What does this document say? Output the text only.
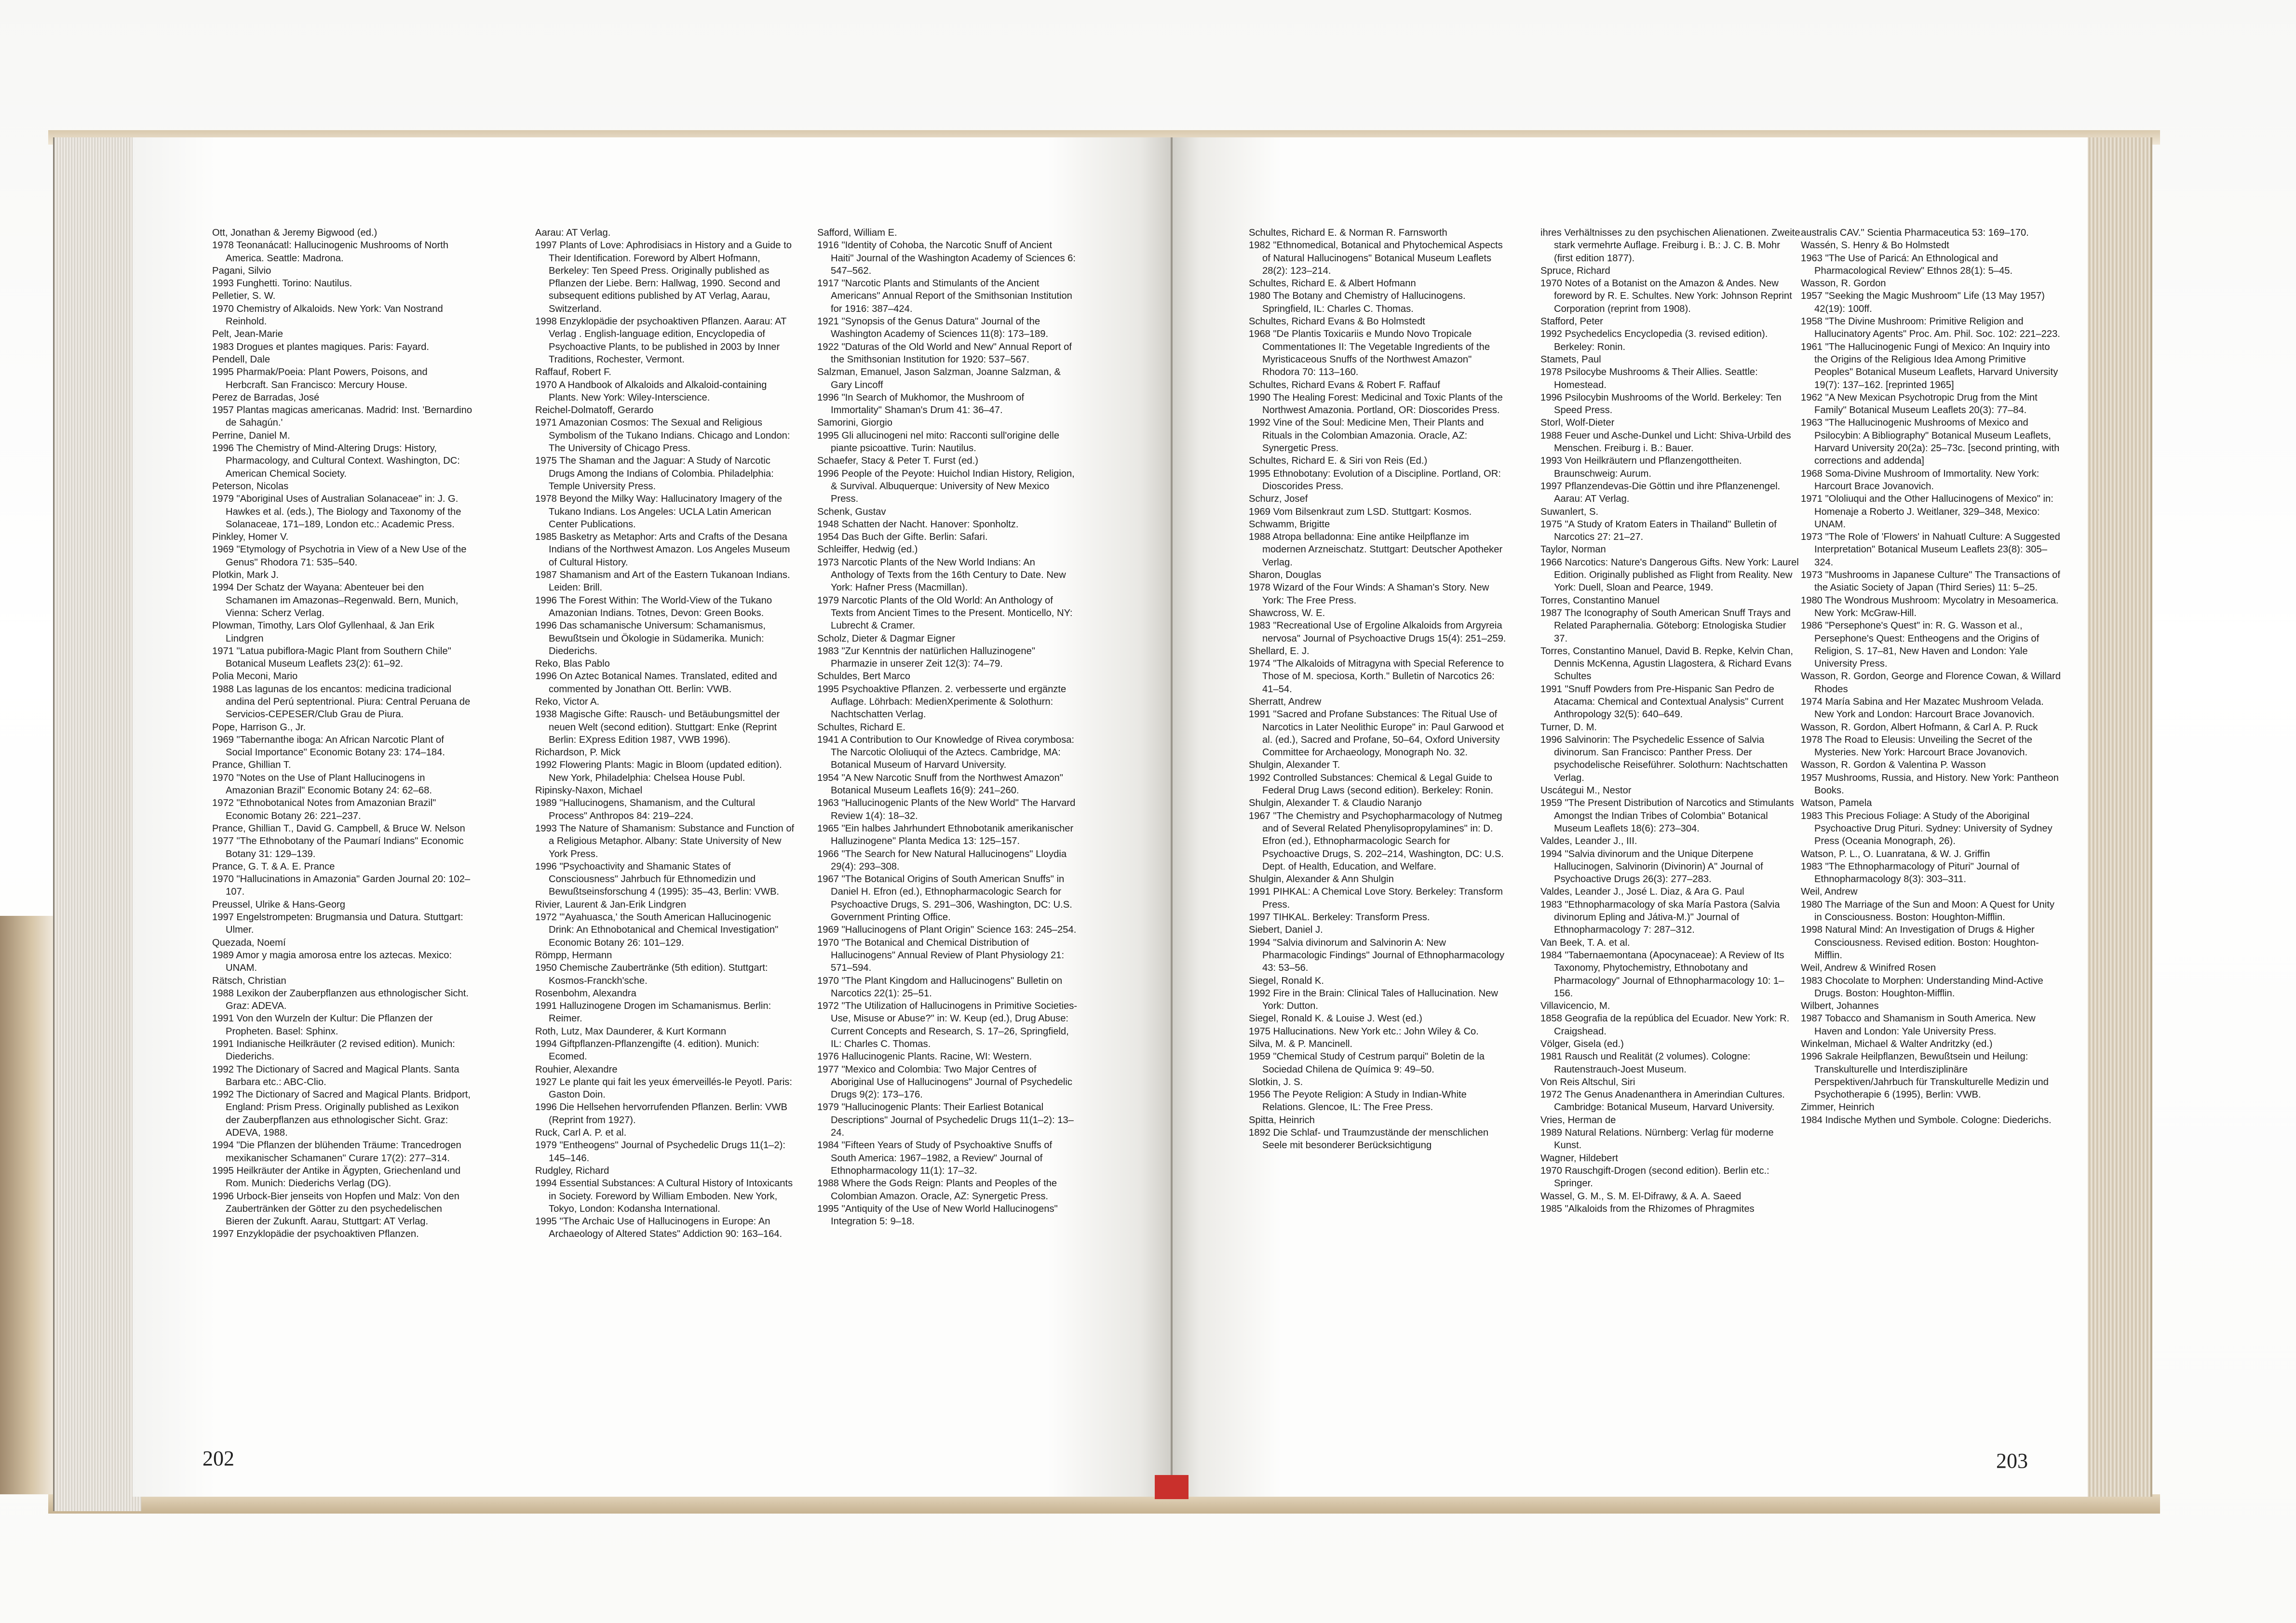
Ott, Jonathan & Jeremy Bigwood (ed.)

1978 Teonanácatl: Hallucinogenic Mushrooms of North America. Seattle: Madrona.

Pagani, Silvio

1993 Funghetti. Torino: Nautilus.

Pelletier, S. W.

1970 Chemistry of Alkaloids. New York: Van Nostrand Reinhold.

Pelt, Jean-Marie

1983 Drogues et plantes magiques. Paris: Fayard.

Pendell, Dale

1995 Pharmak/Poeia: Plant Powers, Poisons, and Herbcraft. San Francisco: Mercury House.

Perez de Barradas, José

1957 Plantas magicas americanas. Madrid: Inst. 'Bernardino de Sahagún.'

Perrine, Daniel M.

1996 The Chemistry of Mind-Altering Drugs: History, Pharmacology, and Cultural Context. Washington, DC: American Chemical Society.

Peterson, Nicolas

1979 "Aboriginal Uses of Australian Solanaceae" in: J. G. Hawkes et al. (eds.), The Biology and Taxonomy of the Solanaceae, 171–189, London etc.: Academic Press.

Pinkley, Homer V.

1969 "Etymology of Psychotria in View of a New Use of the Genus" Rhodora 71: 535–540.

Plotkin, Mark J.

1994 Der Schatz der Wayana: Abenteuer bei den Schamanen im Amazonas–Regenwald. Bern, Munich, Vienna: Scherz Verlag.

Plowman, Timothy, Lars Olof Gyllenhaal, & Jan Erik Lindgren

1971 "Latua pubiflora-Magic Plant from Southern Chile" Botanical Museum Leaflets 23(2): 61–92.

Polia Meconi, Mario

1988 Las lagunas de los encantos: medicina tradicional andina del Perú septentrional. Piura: Central Peruana de Servicios-CEPESER/Club Grau de Piura.

Pope, Harrison G., Jr.

1969 "Tabernanthe iboga: An African Narcotic Plant of Social Importance" Economic Botany 23: 174–184.

Prance, Ghillian T.

1970 "Notes on the Use of Plant Hallucinogens in Amazonian Brazil" Economic Botany 24: 62–68.

1972 "Ethnobotanical Notes from Amazonian Brazil" Economic Botany 26: 221–237.

Prance, Ghillian T., David G. Campbell, & Bruce W. Nelson

1977 "The Ethnobotany of the Paumarí Indians" Economic Botany 31: 129–139.

Prance, G. T. & A. E. Prance

1970 "Hallucinations in Amazonia" Garden Journal 20: 102–107.

Preussel, Ulrike & Hans-Georg

1997 Engelstrompeten: Brugmansia und Datura. Stuttgart: Ulmer.

Quezada, Noemí

1989 Amor y magia amorosa entre los aztecas. Mexico: UNAM.

Rätsch, Christian

1988 Lexikon der Zauberpflanzen aus ethnologischer Sicht. Graz: ADEVA.

1991 Von den Wurzeln der Kultur: Die Pflanzen der Propheten. Basel: Sphinx.

1991 Indianische Heilkräuter (2 revised edition). Munich: Diederichs.

1992 The Dictionary of Sacred and Magical Plants. Santa Barbara etc.: ABC-Clio.

1992 The Dictionary of Sacred and Magical Plants. Bridport, England: Prism Press. Originally published as Lexikon der Zauberpflanzen aus ethnologischer Sicht. Graz: ADEVA, 1988.

1994 "Die Pflanzen der blühenden Träume: Trancedrogen mexikanischer Schamanen" Curare 17(2): 277–314.

1995 Heilkräuter der Antike in Ägypten, Griechenland und Rom. Munich: Diederichs Verlag (DG).

1996 Urbock-Bier jenseits von Hopfen und Malz: Von den Zaubertränken der Götter zu den psychedelischen Bieren der Zukunft. Aarau, Stuttgart: AT Verlag.

1997 Enzyklopädie der psychoaktiven Pflanzen.

Aarau: AT Verlag.

1997 Plants of Love: Aphrodisiacs in History and a Guide to Their Identification. Foreword by Albert Hofmann, Berkeley: Ten Speed Press. Originally published as Pflanzen der Liebe. Bern: Hallwag, 1990. Second and subsequent editions published by AT Verlag, Aarau, Switzerland.

1998 Enzyklopädie der psychoaktiven Pflanzen. Aarau: AT Verlag . English-language edition, Encyclopedia of Psychoactive Plants, to be published in 2003 by Inner Traditions, Rochester, Vermont.

Raffauf, Robert F.

1970 A Handbook of Alkaloids and Alkaloid-containing Plants. New York: Wiley-Interscience.

Reichel-Dolmatoff, Gerardo

1971 Amazonian Cosmos: The Sexual and Religious Symbolism of the Tukano Indians. Chicago and London: The University of Chicago Press.

1975 The Shaman and the Jaguar: A Study of Narcotic Drugs Among the Indians of Colombia. Philadelphia: Temple University Press.

1978 Beyond the Milky Way: Hallucinatory Imagery of the Tukano Indians. Los Angeles: UCLA Latin American Center Publications.

1985 Basketry as Metaphor: Arts and Crafts of the Desana Indians of the Northwest Amazon. Los Angeles Museum of Cultural History.

1987 Shamanism and Art of the Eastern Tukanoan Indians. Leiden: Brill.

1996 The Forest Within: The World-View of the Tukano Amazonian Indians. Totnes, Devon: Green Books.

1996 Das schamanische Universum: Schamanismus, Bewußtsein und Ökologie in Südamerika. Munich: Diederichs.

Reko, Blas Pablo

1996 On Aztec Botanical Names. Translated, edited and commented by Jonathan Ott. Berlin: VWB.

Reko, Victor A.

1938 Magische Gifte: Rausch- und Betäubungsmittel der neuen Welt (second edition). Stuttgart: Enke (Reprint Berlin: EXpress Edition 1987, VWB 1996).

Richardson, P. Mick

1992 Flowering Plants: Magic in Bloom (updated edition). New York, Philadelphia: Chelsea House Publ.

Ripinsky-Naxon, Michael

1989 "Hallucinogens, Shamanism, and the Cultural Process" Anthropos 84: 219–224.

1993 The Nature of Shamanism: Substance and Function of a Religious Metaphor. Albany: State University of New York Press.

1996 "Psychoactivity and Shamanic States of Consciousness" Jahrbuch für Ethnomedizin und Bewußtseinsforschung 4 (1995): 35–43, Berlin: VWB.

Rivier, Laurent & Jan-Erik Lindgren

1972 "'Ayahuasca,' the South American Hallucinogenic Drink: An Ethnobotanical and Chemical Investigation" Economic Botany 26: 101–129.

Römpp, Hermann

1950 Chemische Zaubertränke (5th edition). Stuttgart: Kosmos-Franckh'sche.

Rosenbohm, Alexandra

1991 Halluzinogene Drogen im Schamanismus. Berlin: Reimer.

Roth, Lutz, Max Daunderer, & Kurt Kormann

1994 Giftpflanzen-Pflanzengifte (4. edition). Munich: Ecomed.

Rouhier, Alexandre

1927 Le plante qui fait les yeux émerveillés-le Peyotl. Paris: Gaston Doin.

1996 Die Hellsehen hervorrufenden Pflanzen. Berlin: VWB (Reprint from 1927).

Ruck, Carl A. P. et al.

1979 "Entheogens" Journal of Psychedelic Drugs 11(1–2): 145–146.

Rudgley, Richard

1994 Essential Substances: A Cultural History of Intoxicants in Society. Foreword by William Emboden. New York, Tokyo, London: Kodansha International.

1995 "The Archaic Use of Hallucinogens in Europe: An Archaeology of Altered States" Addiction 90: 163–164.

Safford, William E.

1916 "Identity of Cohoba, the Narcotic Snuff of Ancient Haiti" Journal of the Washington Academy of Sciences 6: 547–562.

1917 "Narcotic Plants and Stimulants of the Ancient Americans" Annual Report of the Smithsonian Institution for 1916: 387–424.

1921 "Synopsis of the Genus Datura" Journal of the Washington Academy of Sciences 11(8): 173–189.

1922 "Daturas of the Old World and New" Annual Report of the Smithsonian Institution for 1920: 537–567.

Salzman, Emanuel, Jason Salzman, Joanne Salzman, & Gary Lincoff

1996 "In Search of Mukhomor, the Mushroom of Immortality" Shaman's Drum 41: 36–47.

Samorini, Giorgio

1995 Gli allucinogeni nel mito: Racconti sull'origine delle piante psicoattive. Turin: Nautilus.

Schaefer, Stacy & Peter T. Furst (ed.)

1996 People of the Peyote: Huichol Indian History, Religion, & Survival. Albuquerque: University of New Mexico Press.

Schenk, Gustav

1948 Schatten der Nacht. Hanover: Sponholtz.

1954 Das Buch der Gifte. Berlin: Safari.

Schleiffer, Hedwig (ed.)

1973 Narcotic Plants of the New World Indians: An Anthology of Texts from the 16th Century to Date. New York: Hafner Press (Macmillan).

1979 Narcotic Plants of the Old World: An Anthology of Texts from Ancient Times to the Present. Monticello, NY: Lubrecht & Cramer.

Scholz, Dieter & Dagmar Eigner

1983 "Zur Kenntnis der natürlichen Halluzinogene" Pharmazie in unserer Zeit 12(3): 74–79.

Schuldes, Bert Marco

1995 Psychoaktive Pflanzen. 2. verbesserte und ergänzte Auflage. Löhrbach: MedienXperimente & Solothurn: Nachtschatten Verlag.

Schultes, Richard E.

1941 A Contribution to Our Knowledge of Rivea corymbosa: The Narcotic Ololiuqui of the Aztecs. Cambridge, MA: Botanical Museum of Harvard University.

1954 "A New Narcotic Snuff from the Northwest Amazon" Botanical Museum Leaflets 16(9): 241–260.

1963 "Hallucinogenic Plants of the New World" The Harvard Review 1(4): 18–32.

1965 "Ein halbes Jahrhundert Ethnobotanik amerikanischer Halluzinogene" Planta Medica 13: 125–157.

1966 "The Search for New Natural Hallucinogens" Lloydia 29(4): 293–308.

1967 "The Botanical Origins of South American Snuffs" in Daniel H. Efron (ed.), Ethnopharmacologic Search for Psychoactive Drugs, S. 291–306, Washington, DC: U.S. Government Printing Office.

1969 "Hallucinogens of Plant Origin" Science 163: 245–254.

1970 "The Botanical and Chemical Distribution of Hallucinogens" Annual Review of Plant Physiology 21: 571–594.

1970 "The Plant Kingdom and Hallucinogens" Bulletin on Narcotics 22(1): 25–51.

1972 "The Utilization of Hallucinogens in Primitive Societies-Use, Misuse or Abuse?" in: W. Keup (ed.), Drug Abuse: Current Concepts and Research, S. 17–26, Springfield, IL: Charles C. Thomas.

1976 Hallucinogenic Plants. Racine, WI: Western.

1977 "Mexico and Colombia: Two Major Centres of Aboriginal Use of Hallucinogens" Journal of Psychedelic Drugs 9(2): 173–176.

1979 "Hallucinogenic Plants: Their Earliest Botanical Descriptions" Journal of Psychedelic Drugs 11(1–2): 13–24.

1984 "Fifteen Years of Study of Psychoaktive Snuffs of South America: 1967–1982, a Review" Journal of Ethnopharmacology 11(1): 17–32.

1988 Where the Gods Reign: Plants and Peoples of the Colombian Amazon. Oracle, AZ: Synergetic Press.

1995 "Antiquity of the Use of New World Hallucinogens" Integration 5: 9–18.

Schultes, Richard E. & Norman R. Farnsworth

1982 "Ethnomedical, Botanical and Phytochemical Aspects of Natural Hallucinogens" Botanical Museum Leaflets 28(2): 123–214.

Schultes, Richard E. & Albert Hofmann

1980 The Botany and Chemistry of Hallucinogens. Springfield, IL: Charles C. Thomas.

Schultes, Richard Evans & Bo Holmstedt

1968 "De Plantis Toxicariis e Mundo Novo Tropicale Commentationes II: The Vegetable Ingredients of the Myristicaceous Snuffs of the Northwest Amazon" Rhodora 70: 113–160.

Schultes, Richard Evans & Robert F. Raffauf

1990 The Healing Forest: Medicinal and Toxic Plants of the Northwest Amazonia. Portland, OR: Dioscorides Press.

1992 Vine of the Soul: Medicine Men, Their Plants and Rituals in the Colombian Amazonia. Oracle, AZ: Synergetic Press.

Schultes, Richard E. & Siri von Reis (Ed.)

1995 Ethnobotany: Evolution of a Discipline. Portland, OR: Dioscorides Press.

Schurz, Josef

1969 Vom Bilsenkraut zum LSD. Stuttgart: Kosmos.

Schwamm, Brigitte

1988 Atropa belladonna: Eine antike Heilpflanze im modernen Arzneischatz. Stuttgart: Deutscher Apotheker Verlag.

Sharon, Douglas

1978 Wizard of the Four Winds: A Shaman's Story. New York: The Free Press.

Shawcross, W. E.

1983 "Recreational Use of Ergoline Alkaloids from Argyreia nervosa" Journal of Psychoactive Drugs 15(4): 251–259.

Shellard, E. J.

1974 "The Alkaloids of Mitragyna with Special Reference to Those of M. speciosa, Korth." Bulletin of Narcotics 26: 41–54.

Sherratt, Andrew

1991 "Sacred and Profane Substances: The Ritual Use of Narcotics in Later Neolithic Europe" in: Paul Garwood et al. (ed.), Sacred and Profane, 50–64, Oxford University Committee for Archaeology, Monograph No. 32.

Shulgin, Alexander T.

1992 Controlled Substances: Chemical & Legal Guide to Federal Drug Laws (second edition). Berkeley: Ronin.

Shulgin, Alexander T. & Claudio Naranjo

1967 "The Chemistry and Psychopharmacology of Nutmeg and of Several Related Phenylisopropylamines" in: D. Efron (ed.), Ethnopharmacologic Search for Psychoactive Drugs, S. 202–214, Washington, DC: U.S. Dept. of Health, Education, and Welfare.

Shulgin, Alexander & Ann Shulgin

1991 PIHKAL: A Chemical Love Story. Berkeley: Transform Press.

1997 TIHKAL. Berkeley: Transform Press.

Siebert, Daniel J.

1994 "Salvia divinorum and Salvinorin A: New Pharmacologic Findings" Journal of Ethnopharmacology 43: 53–56.

Siegel, Ronald K.

1992 Fire in the Brain: Clinical Tales of Hallucination. New York: Dutton.

Siegel, Ronald K. & Louise J. West (ed.)

1975 Hallucinations. New York etc.: John Wiley & Co.

Silva, M. & P. Mancinell.

1959 "Chemical Study of Cestrum parqui" Boletin de la Sociedad Chilena de Química 9: 49–50.

Slotkin, J. S.

1956 The Peyote Religion: A Study in Indian-White Relations. Glencoe, IL: The Free Press.

Spitta, Heinrich

1892 Die Schlaf- und Traumzustände der menschlichen Seele mit besonderer Berücksichtigung

ihres Verhältnisses zu den psychischen Alienationen. Zweite stark vermehrte Auflage. Freiburg i. B.: J. C. B. Mohr (first edition 1877).

Spruce, Richard

1970 Notes of a Botanist on the Amazon & Andes. New foreword by R. E. Schultes. New York: Johnson Reprint Corporation (reprint from 1908).

Stafford, Peter

1992 Psychedelics Encyclopedia (3. revised edition). Berkeley: Ronin.

Stamets, Paul

1978 Psilocybe Mushrooms & Their Allies. Seattle: Homestead.

1996 Psilocybin Mushrooms of the World. Berkeley: Ten Speed Press.

Storl, Wolf-Dieter

1988 Feuer und Asche-Dunkel und Licht: Shiva-Urbild des Menschen. Freiburg i. B.: Bauer.

1993 Von Heilkräutern und Pflanzengottheiten. Braunschweig: Aurum.

1997 Pflanzendevas-Die Göttin und ihre Pflanzenengel. Aarau: AT Verlag.

Suwanlert, S.

1975 "A Study of Kratom Eaters in Thailand" Bulletin of Narcotics 27: 21–27.

Taylor, Norman

1966 Narcotics: Nature's Dangerous Gifts. New York: Laurel Edition. Originally published as Flight from Reality. New York: Duell, Sloan and Pearce, 1949.

Torres, Constantino Manuel

1987 The Iconography of South American Snuff Trays and Related Paraphernalia. Göteborg: Etnologiska Studier 37.

Torres, Constantino Manuel, David B. Repke, Kelvin Chan, Dennis McKenna, Agustin Llagostera, & Richard Evans Schultes

1991 "Snuff Powders from Pre-Hispanic San Pedro de Atacama: Chemical and Contextual Analysis" Current Anthropology 32(5): 640–649.

Turner, D. M.

1996 Salvinorin: The Psychedelic Essence of Salvia divinorum. San Francisco: Panther Press. Der psychodelische Reiseführer. Solothurn: Nachtschatten Verlag.

Uscátegui M., Nestor

1959 "The Present Distribution of Narcotics and Stimulants Amongst the Indian Tribes of Colombia" Botanical Museum Leaflets 18(6): 273–304.

Valdes, Leander J., III.

1994 "Salvia divinorum and the Unique Diterpene Hallucinogen, Salvinorin (Divinorin) A" Journal of Psychoactive Drugs 26(3): 277–283.

Valdes, Leander J., José L. Diaz, & Ara G. Paul

1983 "Ethnopharmacology of ska María Pastora (Salvia divinorum Epling and Játiva-M.)" Journal of Ethnopharmacology 7: 287–312.

Van Beek, T. A. et al.

1984 "Tabernaemontana (Apocynaceae): A Review of Its Taxonomy, Phytochemistry, Ethnobotany and Pharmacology" Journal of Ethnopharmacology 10: 1–156.

Villavicencio, M.

1858 Geografia de la república del Ecuador. New York: R. Craigshead.

Völger, Gisela (ed.)

1981 Rausch und Realität (2 volumes). Cologne: Rautenstrauch-Joest Museum.

Von Reis Altschul, Siri

1972 The Genus Anadenanthera in Amerindian Cultures. Cambridge: Botanical Museum, Harvard University.

Vries, Herman de

1989 Natural Relations. Nürnberg: Verlag für moderne Kunst.

Wagner, Hildebert

1970 Rauschgift-Drogen (second edition). Berlin etc.: Springer.

Wassel, G. M., S. M. El-Difrawy, & A. A. Saeed

1985 "Alkaloids from the Rhizomes of Phragmites

australis CAV." Scientia Pharmaceutica 53: 169–170.

Wassén, S. Henry & Bo Holmstedt

1963 "The Use of Paricá: An Ethnological and Pharmacological Review" Ethnos 28(1): 5–45.

Wasson, R. Gordon

1957 "Seeking the Magic Mushroom" Life (13 May 1957) 42(19): 100ff.

1958 "The Divine Mushroom: Primitive Religion and Hallucinatory Agents" Proc. Am. Phil. Soc. 102: 221–223.

1961 "The Hallucinogenic Fungi of Mexico: An Inquiry into the Origins of the Religious Idea Among Primitive Peoples" Botanical Museum Leaflets, Harvard University 19(7): 137–162. [reprinted 1965]

1962 "A New Mexican Psychotropic Drug from the Mint Family" Botanical Museum Leaflets 20(3): 77–84.

1963 "The Hallucinogenic Mushrooms of Mexico and Psilocybin: A Bibliography" Botanical Museum Leaflets, Harvard University 20(2a): 25–73c. [second printing, with corrections and addenda]

1968 Soma-Divine Mushroom of Immortality. New York: Harcourt Brace Jovanovich.

1971 "Ololiuqui and the Other Hallucinogens of Mexico" in: Homenaje a Roberto J. Weitlaner, 329–348, Mexico: UNAM.

1973 "The Role of 'Flowers' in Nahuatl Culture: A Suggested Interpretation" Botanical Museum Leaflets 23(8): 305–324.

1973 "Mushrooms in Japanese Culture" The Transactions of the Asiatic Society of Japan (Third Series) 11: 5–25.

1980 The Wondrous Mushroom: Mycolatry in Mesoamerica. New York: McGraw-Hill.

1986 "Persephone's Quest" in: R. G. Wasson et al., Persephone's Quest: Entheogens and the Origins of Religion, S. 17–81, New Haven and London: Yale University Press.

Wasson, R. Gordon, George and Florence Cowan, & Willard Rhodes

1974 María Sabina and Her Mazatec Mushroom Velada. New York and London: Harcourt Brace Jovanovich.

Wasson, R. Gordon, Albert Hofmann, & Carl A. P. Ruck

1978 The Road to Eleusis: Unveiling the Secret of the Mysteries. New York: Harcourt Brace Jovanovich.

Wasson, R. Gordon & Valentina P. Wasson

1957 Mushrooms, Russia, and History. New York: Pantheon Books.

Watson, Pamela

1983 This Precious Foliage: A Study of the Aboriginal Psychoactive Drug Pituri. Sydney: University of Sydney Press (Oceania Monograph, 26).

Watson, P. L., O. Luanratana, & W. J. Griffin

1983 "The Ethnopharmacology of Pituri" Journal of Ethnopharmacology 8(3): 303–311.

Weil, Andrew

1980 The Marriage of the Sun and Moon: A Quest for Unity in Consciousness. Boston: Houghton-Mifflin.

1998 Natural Mind: An Investigation of Drugs & Higher Consciousness. Revised edition. Boston: Houghton-Mifflin.

Weil, Andrew & Winifred Rosen

1983 Chocolate to Morphen: Understanding Mind-Active Drugs. Boston: Houghton-Mifflin.

Wilbert, Johannes

1987 Tobacco and Shamanism in South America. New Haven and London: Yale University Press.

Winkelman, Michael & Walter Andritzky (ed.)

1996 Sakrale Heilpflanzen, Bewußtsein und Heilung: Transkulturelle und Interdisziplinäre Perspektiven/Jahrbuch für Transkulturelle Medizin und Psychotherapie 6 (1995), Berlin: VWB.

Zimmer, Heinrich

1984 Indische Mythen und Symbole. Cologne: Diederichs.

202	203
